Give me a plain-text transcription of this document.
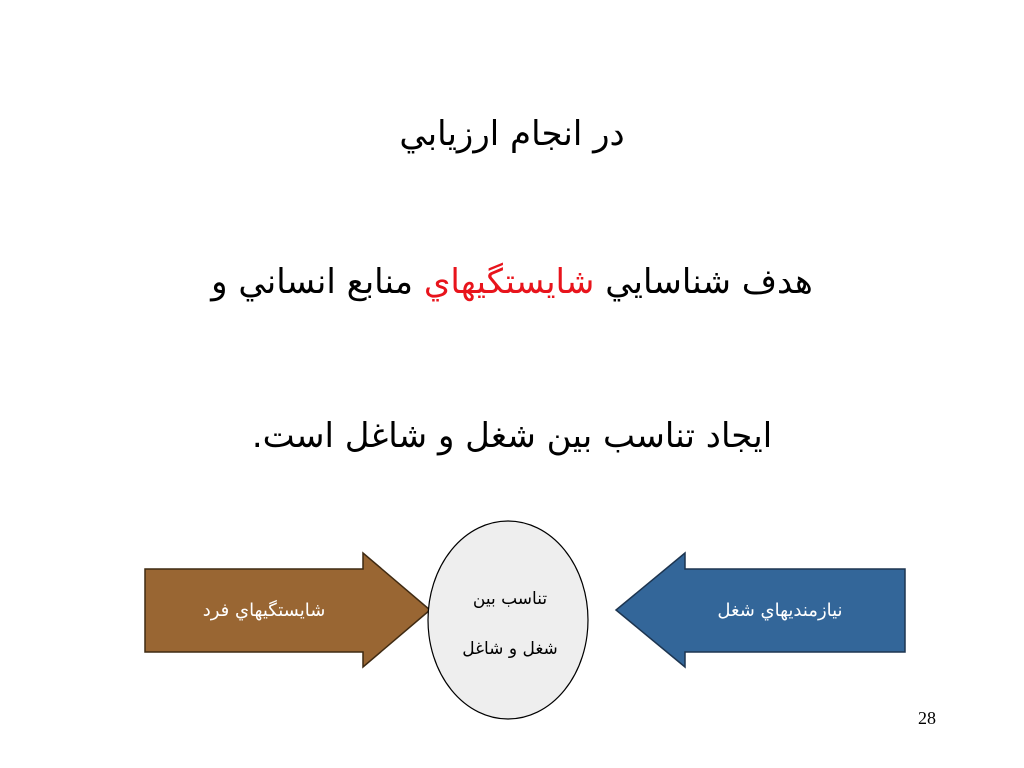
در انجام ارزيابي
هدف شناسايي شايستگيهاي منابع انساني و
ايجاد تناسب بين شغل و شاغل است.
شايستگيهاي فرد	نيازمنديهاي شغل
تناسب بين
شغل و شاغل
28
